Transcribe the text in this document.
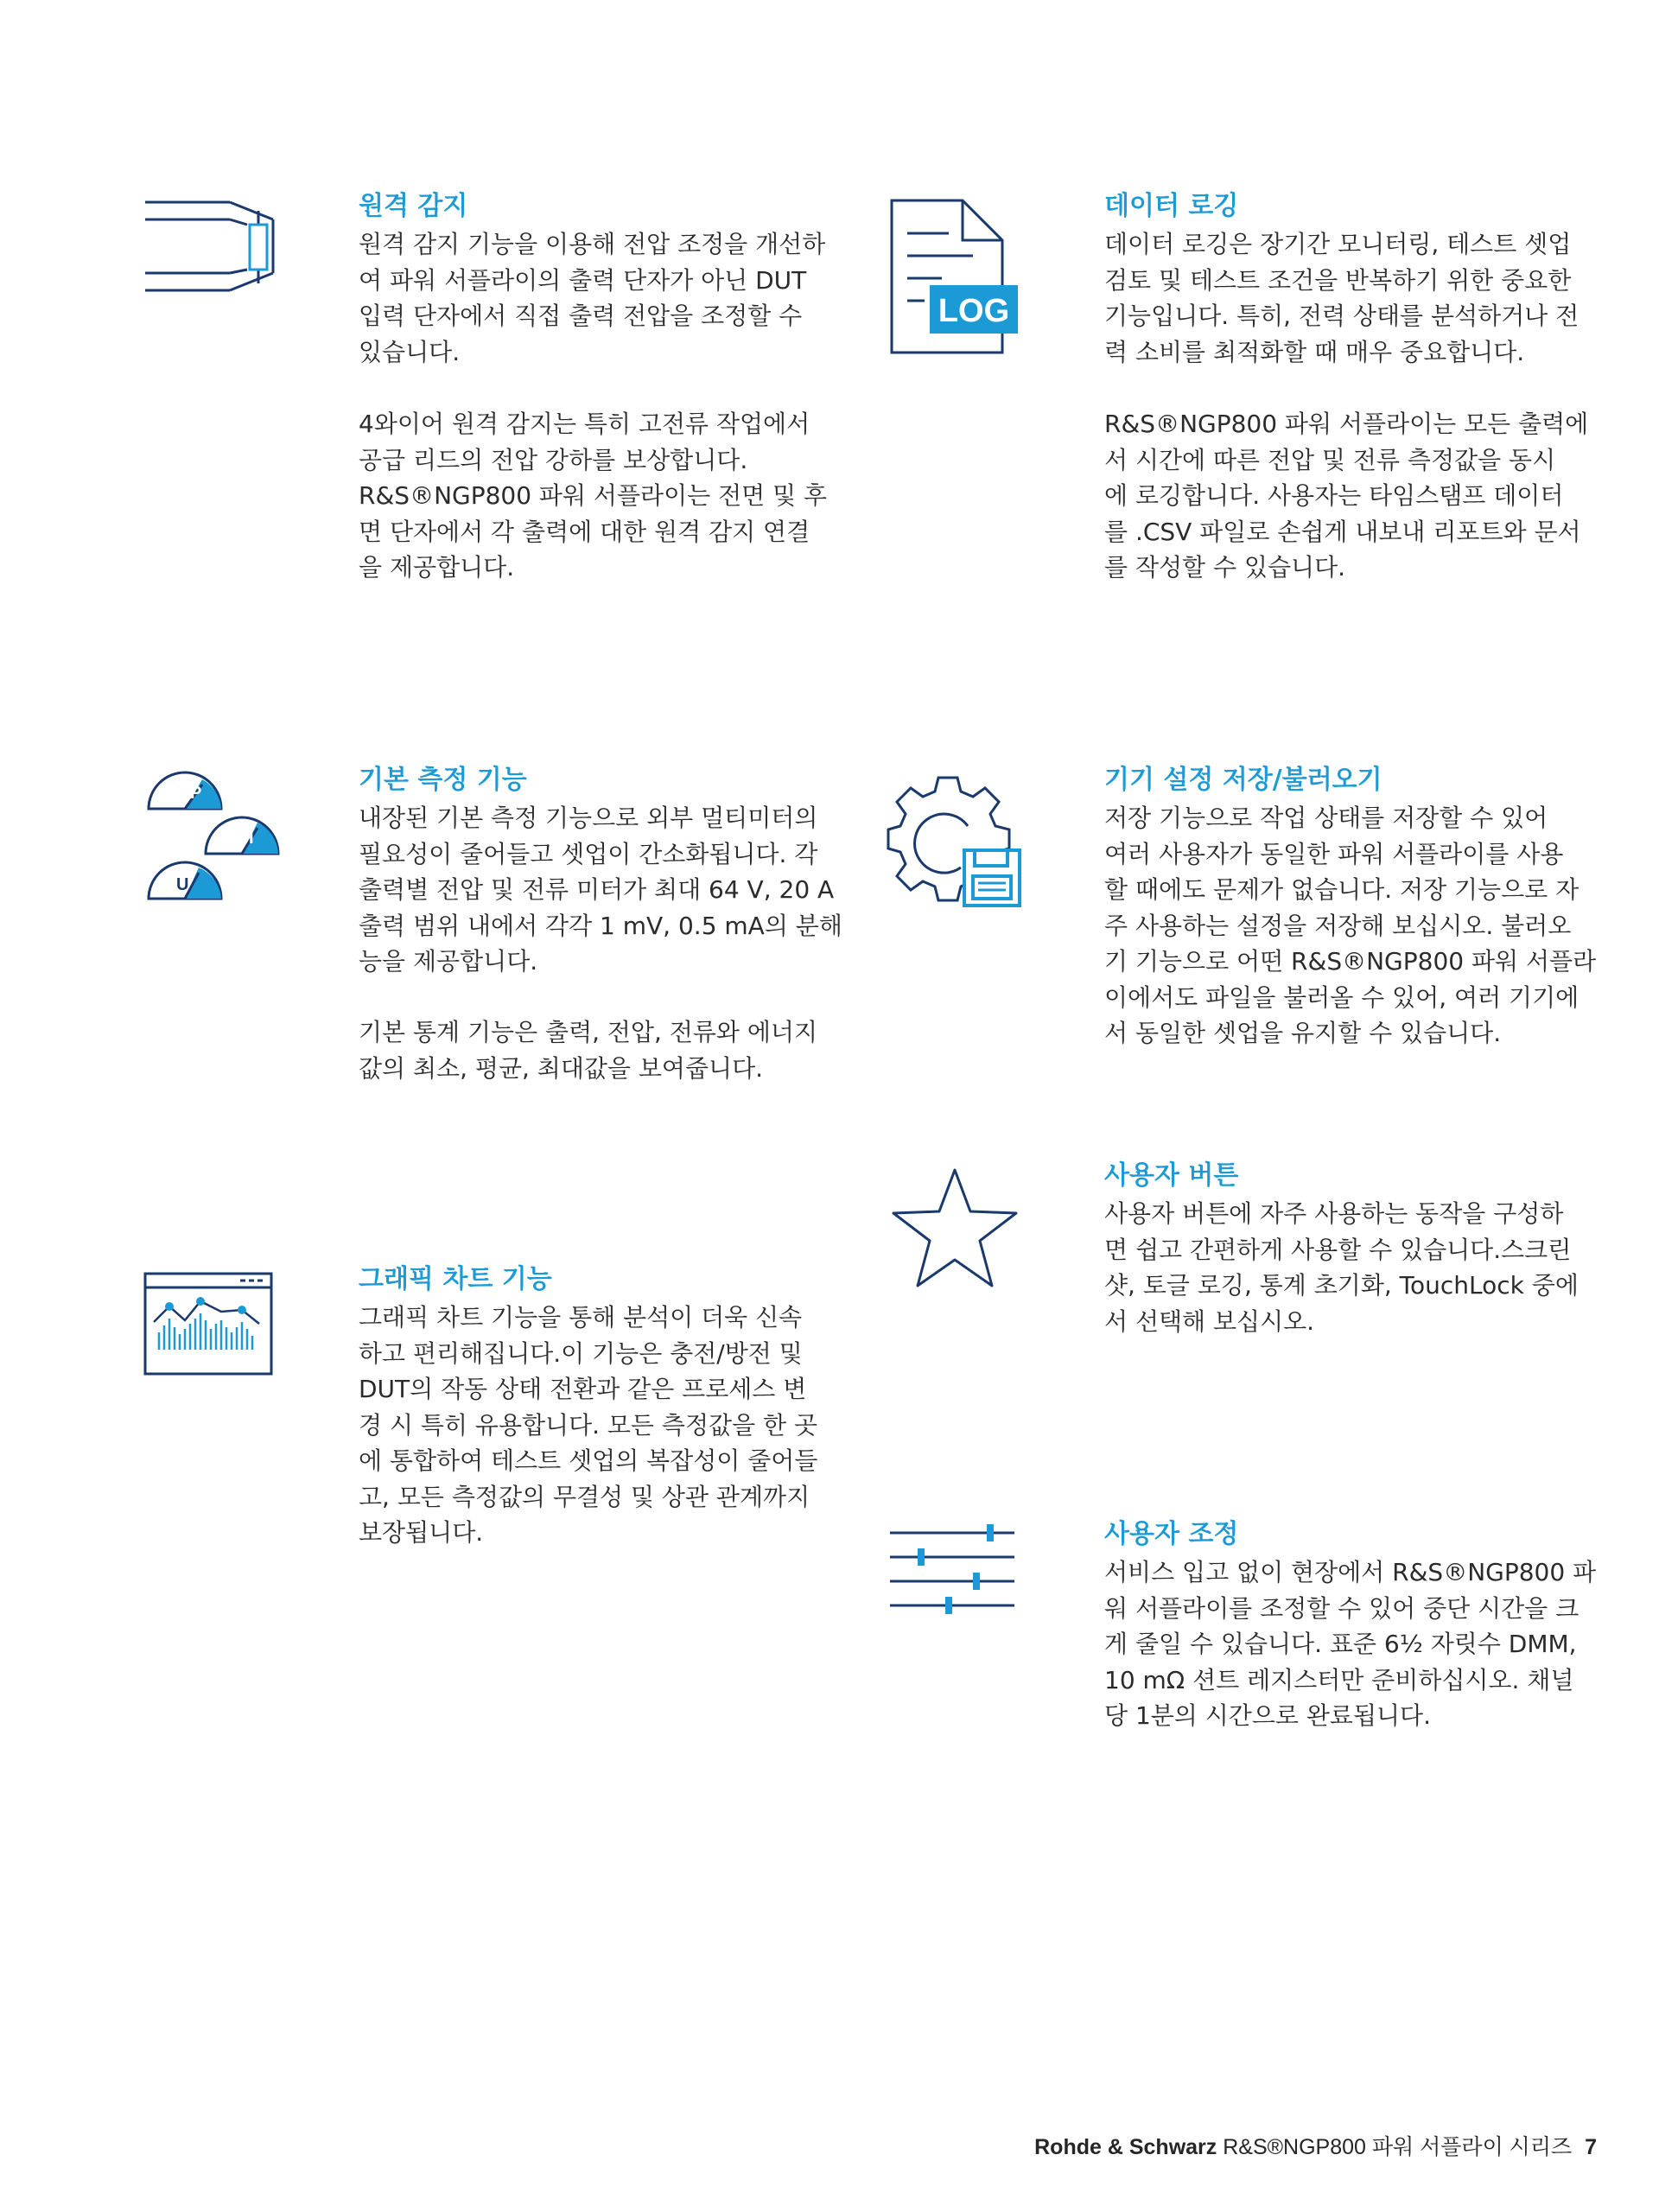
원격 감지

원격 감지 기능을 이용해 전압 조정을 개선하
여 파워 서플라이의 출력 단자가 아닌 DUT
입력 단자에서 직접 출력 전압을 조정할 수
있습니다.

4와이어 원격 감지는 특히 고전류 작업에서
공급 리드의 전압 강하를 보상합니다.
R&S®NGP800 파워 서플라이는 전면 및 후
면 단자에서 각 출력에 대한 원격 감지 연결
을 제공합니다.

LOG
데이터 로깅

데이터 로깅은 장기간 모니터링, 테스트 셋업
검토 및 테스트 조건을 반복하기 위한 중요한
기능입니다. 특히, 전력 상태를 분석하거나 전
력 소비를 최적화할 때 매우 중요합니다.

R&S®NGP800 파워 서플라이는 모든 출력에
서 시간에 따른 전압 및 전류 측정값을 동시
에 로깅합니다. 사용자는 타임스탬프 데이터
를 .CSV 파일로 손쉽게 내보내 리포트와 문서
를 작성할 수 있습니다.

P
I
U
기본 측정 기능

내장된 기본 측정 기능으로 외부 멀티미터의
필요성이 줄어들고 셋업이 간소화됩니다. 각
출력별 전압 및 전류 미터가 최대 64 V, 20 A
출력 범위 내에서 각각 1 mV, 0.5 mA의 분해
능을 제공합니다.

기본 통계 기능은 출력, 전압, 전류와 에너지
값의 최소, 평균, 최대값을 보여줍니다.

기기 설정 저장/불러오기

저장 기능으로 작업 상태를 저장할 수 있어
여러 사용자가 동일한 파워 서플라이를 사용
할 때에도 문제가 없습니다. 저장 기능으로 자
주 사용하는 설정을 저장해 보십시오. 불러오
기 기능으로 어떤 R&S®NGP800 파워 서플라
이에서도 파일을 불러올 수 있어, 여러 기기에
서 동일한 셋업을 유지할 수 있습니다.

사용자 버튼

사용자 버튼에 자주 사용하는 동작을 구성하
면 쉽고 간편하게 사용할 수 있습니다.스크린
샷, 토글 로깅, 통계 초기화, TouchLock 중에
서 선택해 보십시오.

그래픽 차트 기능

그래픽 차트 기능을 통해 분석이 더욱 신속
하고 편리해집니다.이 기능은 충전/방전 및
DUT의 작동 상태 전환과 같은 프로세스 변
경 시 특히 유용합니다. 모든 측정값을 한 곳
에 통합하여 테스트 셋업의 복잡성이 줄어들
고, 모든 측정값의 무결성 및 상관 관계까지
보장됩니다.	사용자 조정

서비스 입고 없이 현장에서 R&S®NGP800 파
워 서플라이를 조정할 수 있어 중단 시간을 크
게 줄일 수 있습니다. 표준 6½ 자릿수 DMM,
10 mΩ 션트 레지스터만 준비하십시오. 채널
당 1분의 시간으로 완료됩니다.

Rohde & Schwarz R&S®NGP800 파워 서플라이 시리즈 7
